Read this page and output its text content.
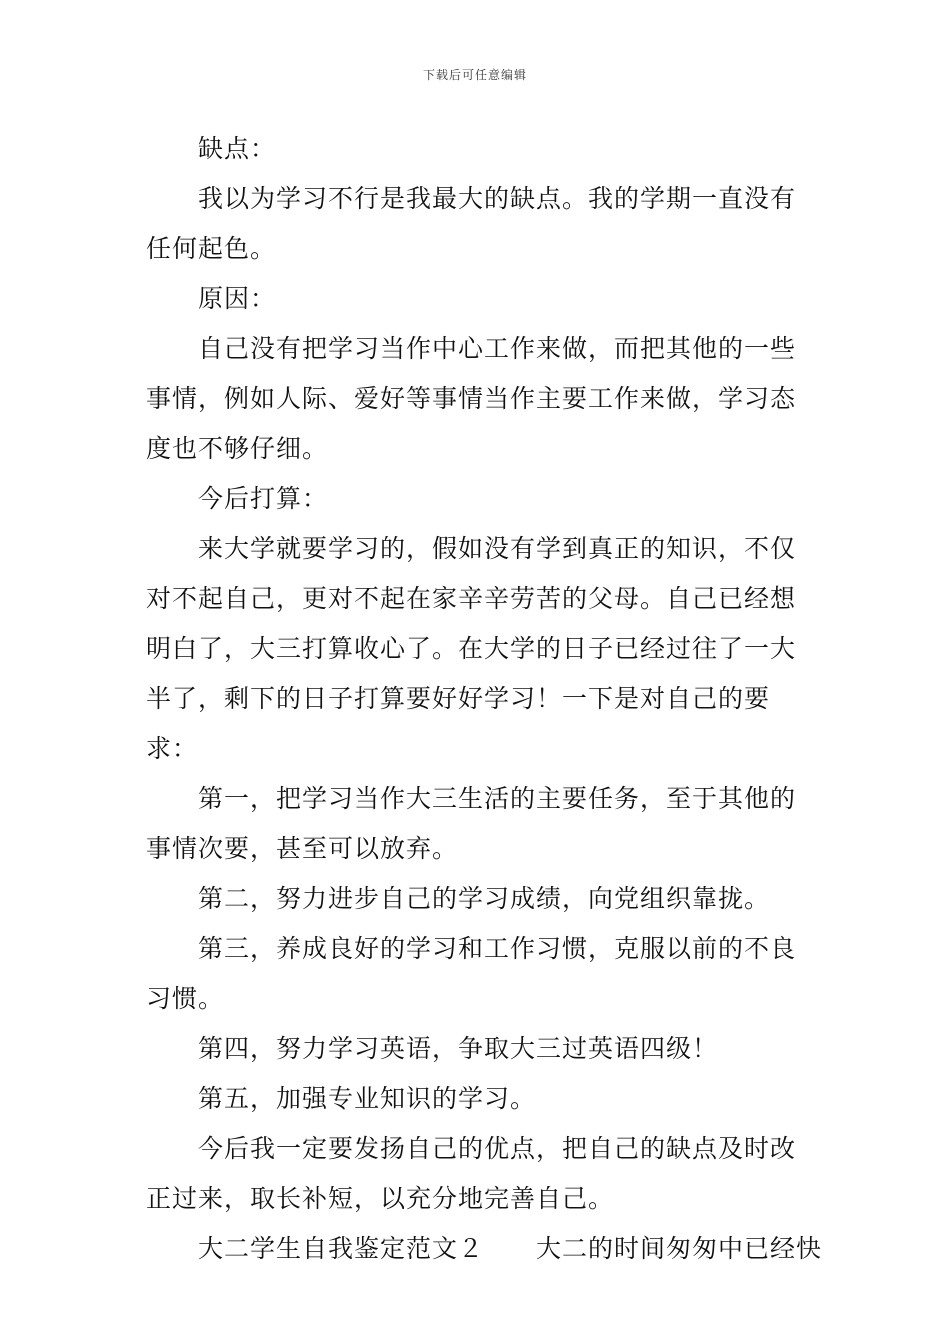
下载后可任意编辑

缺点：

我以为学习不行是我最大的缺点。我的学期一直没有任何起色。

原因：

自己没有把学习当作中心工作来做，而把其他的一些事情，例如人际、爱好等事情当作主要工作来做，学习态度也不够仔细。

今后打算：

来大学就要学习的，假如没有学到真正的知识，不仅对不起自己，更对不起在家辛辛劳苦的父母。自己已经想明白了，大三打算收心了。在大学的日子已经过往了一大半了，剩下的日子打算要好好学习！一下是对自己的要求：

第一，把学习当作大三生活的主要任务，至于其他的事情次要，甚至可以放弃。

第二，努力进步自己的学习成绩，向党组织靠拢。

第三，养成良好的学习和工作习惯，克服以前的不良习惯。

第四，努力学习英语，争取大三过英语四级！

第五，加强专业知识的学习。

今后我一定要发扬自己的优点，把自己的缺点及时改正过来，取长补短，以充分地完善自己。

大二学生自我鉴定范文２　　大二的时间匆匆中已经快
